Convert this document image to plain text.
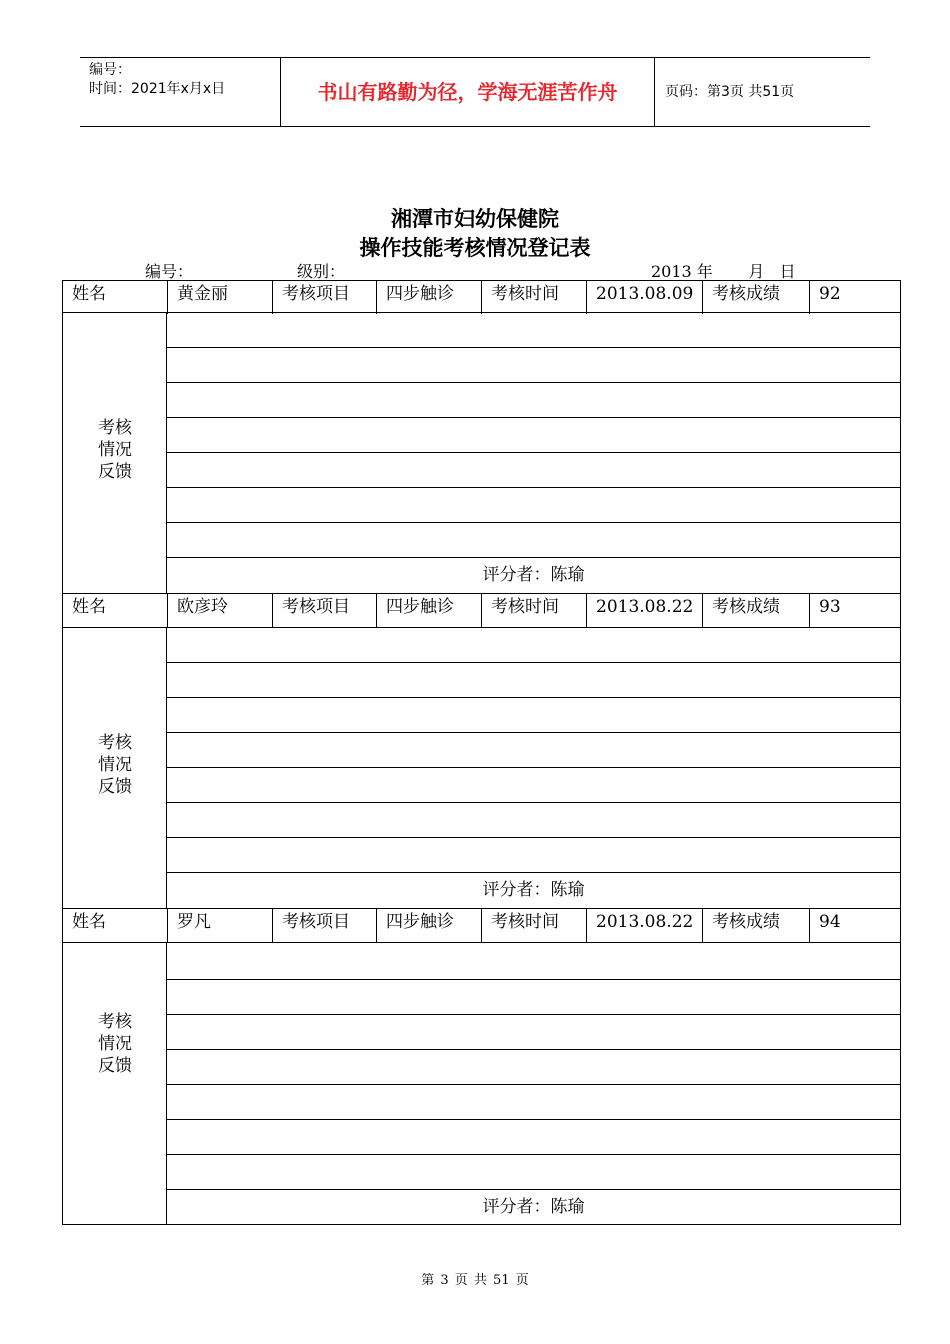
编号：
时间：2021年x月x日	书山有路勤为径，学海无涯苦作舟	页码：第3页 共51页
湘潭市妇幼保健院
操作技能考核情况登记表
编号：	级别：	2013 年       月   日
姓名	黄金丽	考核项目	四步触诊	考核时间	2013.08.09	考核成绩	92
考核
情况
反馈
评分者：陈瑜
姓名	欧彦玲	考核项目	四步触诊	考核时间	2013.08.22	考核成绩	93
考核
情况
反馈
评分者：陈瑜
姓名	罗凡	考核项目	四步触诊	考核时间	2013.08.22	考核成绩	94
考核
情况
反馈
评分者：陈瑜
第 3 页 共 51 页
